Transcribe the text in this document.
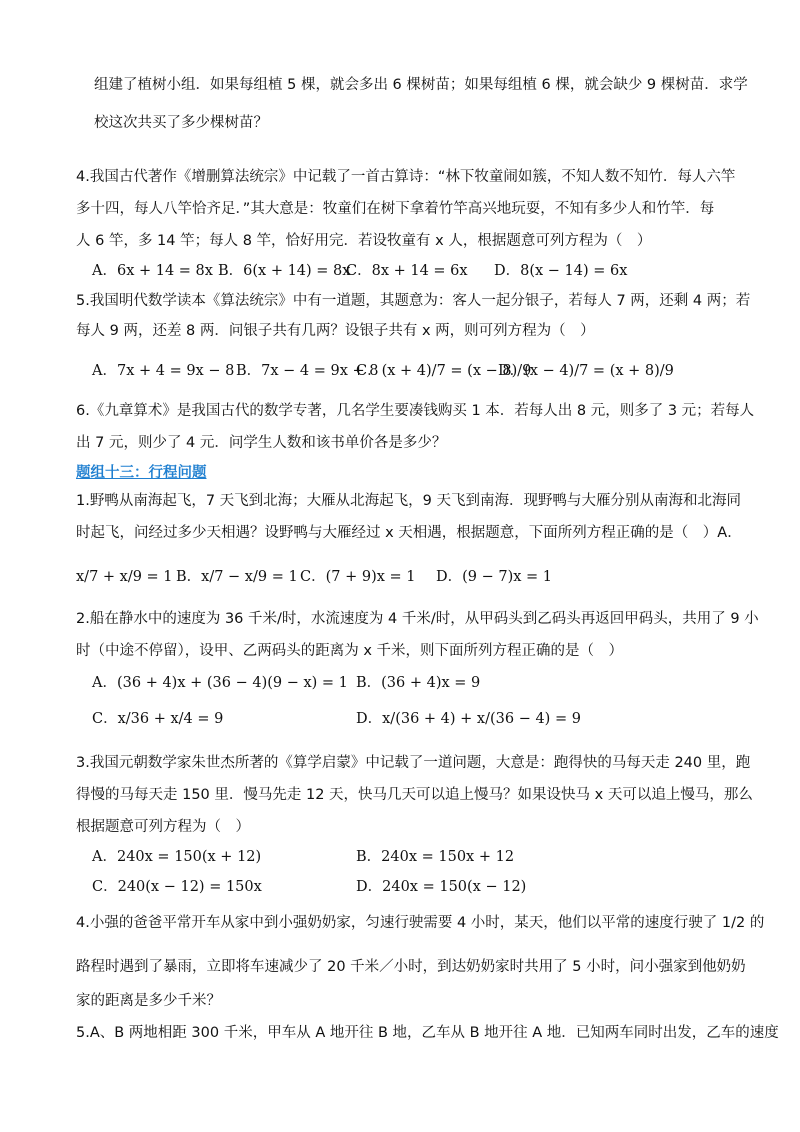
组建了植树小组．如果每组植 5 棵，就会多出 6 棵树苗；如果每组植 6 棵，就会缺少 9 棵树苗．求学
校这次共买了多少棵树苗？
4.我国古代著作《增删算法统宗》中记载了一首古算诗：“林下牧童闹如簇，不知人数不知竹．每人六竿
多十四，每人八竿恰齐足．”其大意是：牧童们在树下拿着竹竿高兴地玩耍，不知有多少人和竹竿．每
人 6 竿，多 14 竿；每人 8 竿，恰好用完．若设牧童有 x 人，根据题意可列方程为（　）
A．6x + 14 = 8x B．6(x + 14) = 8x
C．8x + 14 = 6x D．8(x − 14) = 6x
5.我国明代数学读本《算法统宗》中有一道题，其题意为：客人一起分银子，若每人 7 两，还剩 4 两；若
每人 9 两，还差 8 两．问银子共有几两？设银子共有 x 两，则可列方程为（　）
A．7x + 4 = 9x − 8 B．7x − 4 = 9x + 8
C．(x + 4)/7 = (x − 8)/9
D．(x − 4)/7 = (x + 8)/9
6.《九章算术》是我国古代的数学专著，几名学生要凑钱购买 1 本．若每人出 8 元，则多了 3 元；若每人
出 7 元，则少了 4 元．问学生人数和该书单价各是多少？
题组十三：行程问题
1.野鸭从南海起飞，7 天飞到北海；大雁从北海起飞，9 天飞到南海．现野鸭与大雁分别从南海和北海同
时起飞，问经过多少天相遇？设野鸭与大雁经过 x 天相遇，根据题意，下面所列方程正确的是（　）A．
x/7 + x/9 = 1 B．x/7 − x/9 = 1 C．(7 + 9)x = 1 D．(9 − 7)x = 1
2.船在静水中的速度为 36 千米/时，水流速度为 4 千米/时，从甲码头到乙码头再返回甲码头，共用了 9 小
时（中途不停留），设甲、乙两码头的距离为 x 千米，则下面所列方程正确的是（　）
A．(36 + 4)x + (36 − 4)(9 − x) = 1 B．(36 + 4)x = 9
C．x/36 + x/4 = 9	D．x/(36 + 4) + x/(36 − 4) = 9
3.我国元朝数学家朱世杰所著的《算学启蒙》中记载了一道问题，大意是：跑得快的马每天走 240 里，跑
得慢的马每天走 150 里．慢马先走 12 天，快马几天可以追上慢马？如果设快马 x 天可以追上慢马，那么
根据题意可列方程为（　）
A．240x = 150(x + 12)	B．240x = 150x + 12
C．240(x − 12) = 150x	D．240x = 150(x − 12)
4.小强的爸爸平常开车从家中到小强奶奶家，匀速行驶需要 4 小时，某天，他们以平常的速度行驶了 1/2 的
路程时遇到了暴雨，立即将车速减少了 20 千米／小时，到达奶奶家时共用了 5 小时，问小强家到他奶奶
家的距离是多少千米？
5.A、B 两地相距 300 千米，甲车从 A 地开往 B 地，乙车从 B 地开往 A 地．已知两车同时出发，乙车的速度
